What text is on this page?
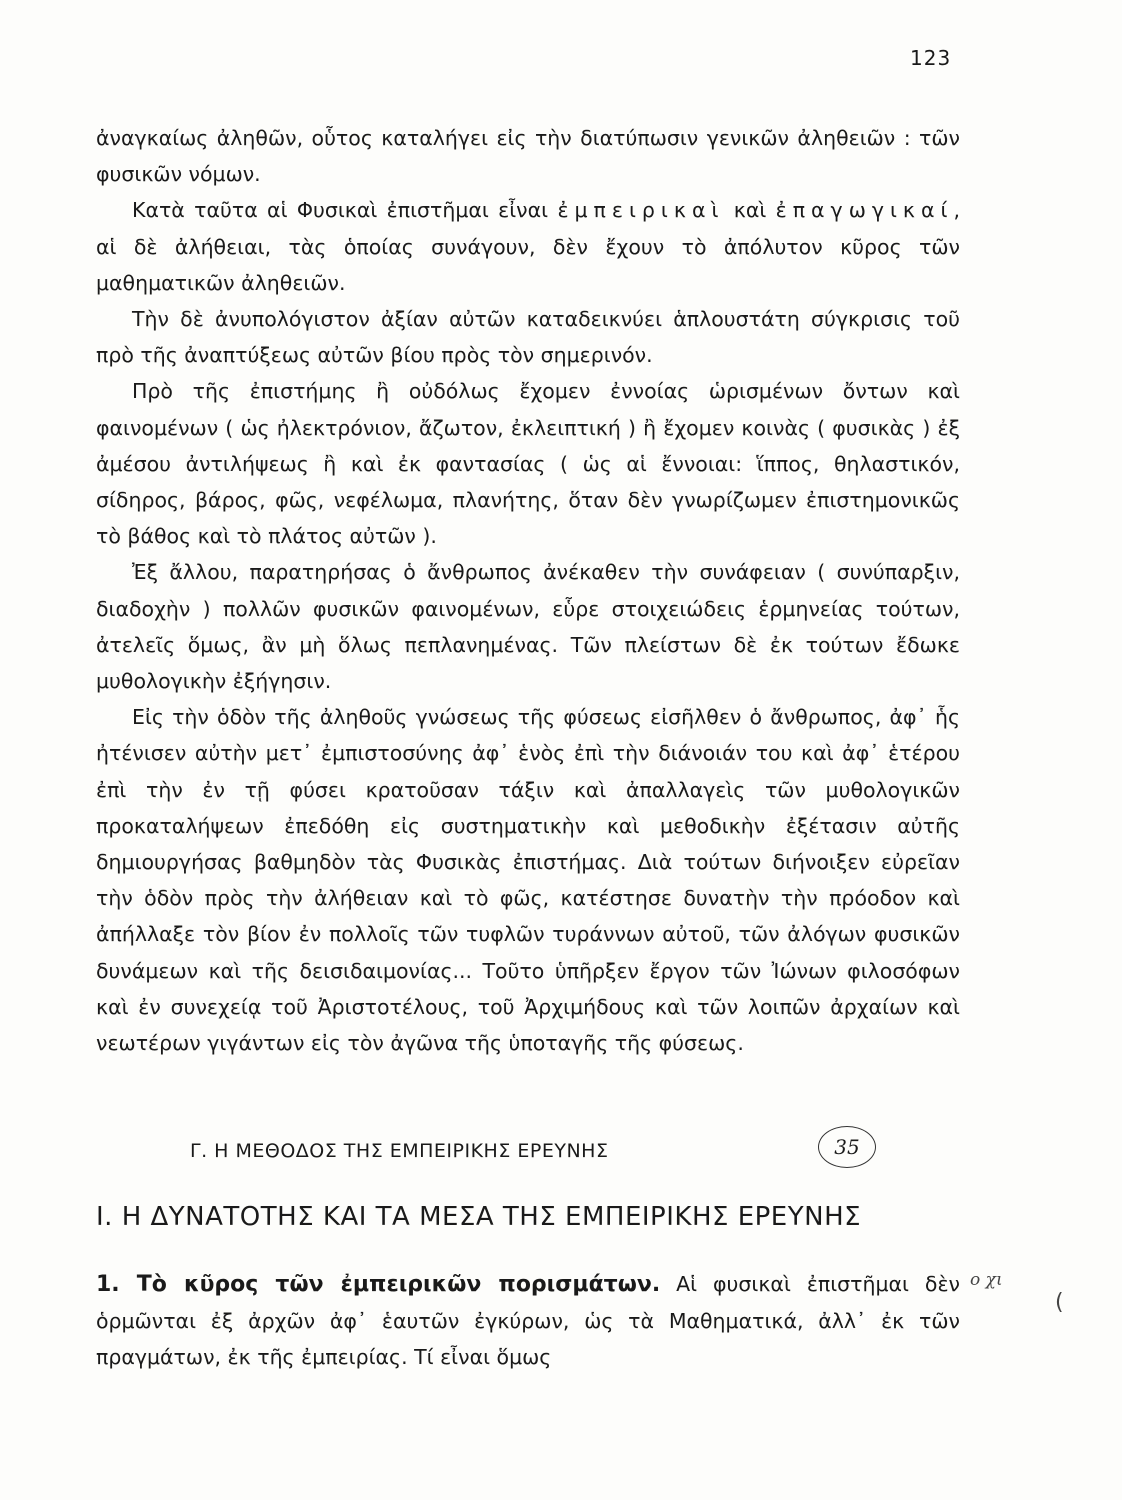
123

ἀναγκαίως ἀληθῶν, οὗτος καταλήγει εἰς τὴν διατύπωσιν γενικῶν ἀληθειῶν : τῶν φυσικῶν νόμων.

Κατὰ ταῦτα αἱ Φυσικαὶ ἐπιστῆμαι εἶναι ἐμπειρικαὶ καὶ ἐπαγωγικαί, αἱ δὲ ἀλήθειαι, τὰς ὁποίας συνάγουν, δὲν ἔχουν τὸ ἀπόλυτον κῦρος τῶν μαθηματικῶν ἀληθειῶν.

Τὴν δὲ ἀνυπολόγιστον ἀξίαν αὐτῶν καταδεικνύει ἁπλουστάτη σύγκρισις τοῦ πρὸ τῆς ἀναπτύξεως αὐτῶν βίου πρὸς τὸν σημερινόν.

Πρὸ τῆς ἐπιστήμης ἢ οὐδόλως ἔχομεν ἐννοίας ὡρισμένων ὄντων καὶ φαινομένων ( ὡς ἠλεκτρόνιον, ἄζωτον, ἐκλειπτική ) ἢ ἔχομεν κοινὰς ( φυσικὰς ) ἐξ ἀμέσου ἀντιλήψεως ἢ καὶ ἐκ φαντασίας ( ὡς αἱ ἔννοιαι: ἵππος, θηλαστικόν, σίδηρος, βάρος, φῶς, νεφέλωμα, πλανήτης, ὅταν δὲν γνωρίζωμεν ἐπιστημονικῶς τὸ βάθος καὶ τὸ πλάτος αὐτῶν ).

Ἐξ ἄλλου, παρατηρήσας ὁ ἄνθρωπος ἀνέκαθεν τὴν συνάφειαν ( συνύπαρξιν, διαδοχὴν ) πολλῶν φυσικῶν φαινομένων, εὗρε στοιχειώδεις ἑρμηνείας τούτων, ἀτελεῖς ὅμως, ἂν μὴ ὅλως πεπλανημένας. Τῶν πλείστων δὲ ἐκ τούτων ἔδωκε μυθολογικὴν ἐξήγησιν.

Εἰς τὴν ὁδὸν τῆς ἀληθοῦς γνώσεως τῆς φύσεως εἰσῆλθεν ὁ ἄνθρωπος, ἀφ᾿ ἧς ἠτένισεν αὐτὴν μετ᾿ ἐμπιστοσύνης ἀφ᾿ ἑνὸς ἐπὶ τὴν διάνοιάν του καὶ ἀφ᾿ ἑτέρου ἐπὶ τὴν ἐν τῇ φύσει κρατοῦσαν τάξιν καὶ ἀπαλλαγεὶς τῶν μυθολογικῶν προκαταλήψεων ἐπεδόθη εἰς συστηματικὴν καὶ μεθοδικὴν ἐξέτασιν αὐτῆς δημιουργήσας βαθμηδὸν τὰς Φυσικὰς ἐπιστήμας. Διὰ τούτων διήνοιξεν εὐρεῖαν τὴν ὁδὸν πρὸς τὴν ἀλήθειαν καὶ τὸ φῶς, κατέστησε δυνατὴν τὴν πρόοδον καὶ ἀπήλλαξε τὸν βίον ἐν πολλοῖς τῶν τυφλῶν τυράννων αὐτοῦ, τῶν ἀλόγων φυσικῶν δυνάμεων καὶ τῆς δεισιδαιμονίας... Τοῦτο ὑπῆρξεν ἔργον τῶν Ἰώνων φιλοσόφων καὶ ἐν συνεχείᾳ τοῦ Ἀριστοτέλους, τοῦ Ἀρχιμήδους καὶ τῶν λοιπῶν ἀρχαίων καὶ νεωτέρων γιγάντων εἰς τὸν ἀγῶνα τῆς ὑποταγῆς τῆς φύσεως.

Γ. Η ΜΕΘΟΔΟΣ ΤΗΣ ΕΜΠΕΙΡΙΚΗΣ ΕΡΕΥΝΗΣ	35
Ι. Η ΔΥΝΑΤΟΤΗΣ ΚΑΙ ΤΑ ΜΕΣΑ ΤΗΣ ΕΜΠΕΙΡΙΚΗΣ ΕΡΕΥΝΗΣ
1. Τὸ κῦρος τῶν ἐμπειρικῶν πορισμάτων. Αἱ φυσικαὶ ἐπιστῆμαι δὲν ὁρμῶνται ἐξ ἀρχῶν ἀφ᾿ ἑαυτῶν ἐγκύρων, ὡς τὰ Μαθηματικά, ἀλλ᾿ ἐκ τῶν πραγμάτων, ἐκ τῆς ἐμπειρίας. Τί εἶναι ὅμως
ο χι
(
